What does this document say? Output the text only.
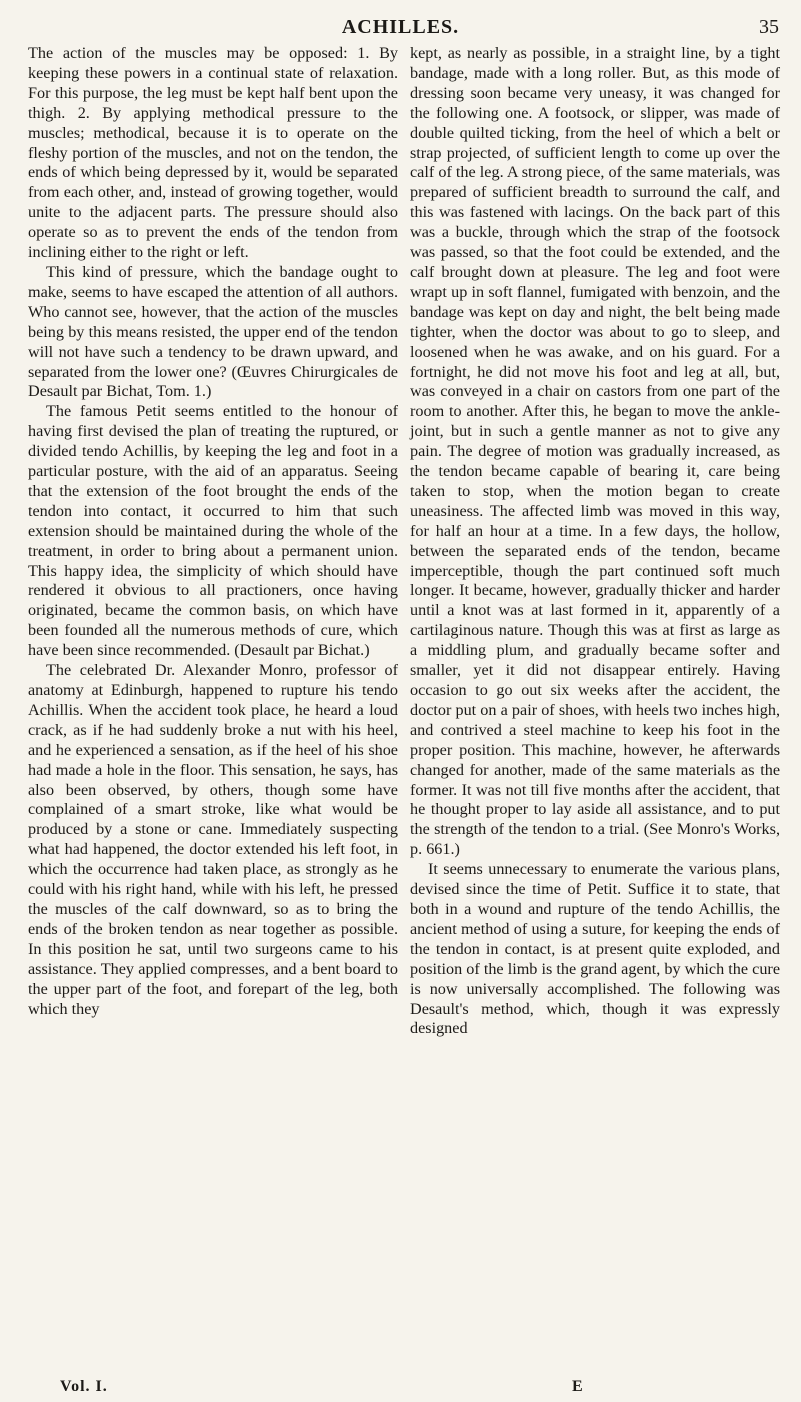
ACHILLES.	35

The action of the muscles may be opposed: 1. By keeping these powers in a continual state of relaxation. For this purpose, the leg must be kept half bent upon the thigh. 2. By applying methodical pressure to the muscles; methodical, because it is to operate on the fleshy portion of the muscles, and not on the tendon, the ends of which being depressed by it, would be separated from each other, and, instead of growing together, would unite to the adjacent parts. The pressure should also operate so as to prevent the ends of the tendon from inclining either to the right or left.

This kind of pressure, which the bandage ought to make, seems to have escaped the attention of all authors. Who cannot see, however, that the action of the muscles being by this means resisted, the upper end of the tendon will not have such a tendency to be drawn upward, and separated from the lower one? (Œuvres Chirurgicales de Desault par Bichat, Tom. 1.)

The famous Petit seems entitled to the honour of having first devised the plan of treating the ruptured, or divided tendo Achillis, by keeping the leg and foot in a particular posture, with the aid of an apparatus. Seeing that the extension of the foot brought the ends of the tendon into contact, it occurred to him that such extension should be maintained during the whole of the treatment, in order to bring about a permanent union. This happy idea, the simplicity of which should have rendered it obvious to all practioners, once having originated, became the common basis, on which have been founded all the numerous methods of cure, which have been since recommended. (Desault par Bichat.)

The celebrated Dr. Alexander Monro, professor of anatomy at Edinburgh, happened to rupture his tendo Achillis. When the accident took place, he heard a loud crack, as if he had suddenly broke a nut with his heel, and he experienced a sensation, as if the heel of his shoe had made a hole in the floor. This sensation, he says, has also been observed, by others, though some have complained of a smart stroke, like what would be produced by a stone or cane. Immediately suspecting what had happened, the doctor extended his left foot, in which the occurrence had taken place, as strongly as he could with his right hand, while with his left, he pressed the muscles of the calf downward, so as to bring the ends of the broken tendon as near together as possible. In this position he sat, until two surgeons came to his assistance. They applied compresses, and a bent board to the upper part of the foot, and forepart of the leg, both which they

kept, as nearly as possible, in a straight line, by a tight bandage, made with a long roller. But, as this mode of dressing soon became very uneasy, it was changed for the following one. A footsock, or slipper, was made of double quilted ticking, from the heel of which a belt or strap projected, of sufficient length to come up over the calf of the leg. A strong piece, of the same materials, was prepared of sufficient breadth to surround the calf, and this was fastened with lacings. On the back part of this was a buckle, through which the strap of the footsock was passed, so that the foot could be extended, and the calf brought down at pleasure. The leg and foot were wrapt up in soft flannel, fumigated with benzoin, and the bandage was kept on day and night, the belt being made tighter, when the doctor was about to go to sleep, and loosened when he was awake, and on his guard. For a fortnight, he did not move his foot and leg at all, but, was conveyed in a chair on castors from one part of the room to another. After this, he began to move the ankle-joint, but in such a gentle manner as not to give any pain. The degree of motion was gradually increased, as the tendon became capable of bearing it, care being taken to stop, when the motion began to create uneasiness. The affected limb was moved in this way, for half an hour at a time. In a few days, the hollow, between the separated ends of the tendon, became imperceptible, though the part continued soft much longer. It became, however, gradually thicker and harder until a knot was at last formed in it, apparently of a cartilaginous nature. Though this was at first as large as a middling plum, and gradually became softer and smaller, yet it did not disappear entirely. Having occasion to go out six weeks after the accident, the doctor put on a pair of shoes, with heels two inches high, and contrived a steel machine to keep his foot in the proper position. This machine, however, he afterwards changed for another, made of the same materials as the former. It was not till five months after the accident, that he thought proper to lay aside all assistance, and to put the strength of the tendon to a trial. (See Monro's Works, p. 661.)

It seems unnecessary to enumerate the various plans, devised since the time of Petit. Suffice it to state, that both in a wound and rupture of the tendo Achillis, the ancient method of using a suture, for keeping the ends of the tendon in contact, is at present quite exploded, and position of the limb is the grand agent, by which the cure is now universally accomplished. The following was Desault's method, which, though it was expressly designed

Vol. I.	E
